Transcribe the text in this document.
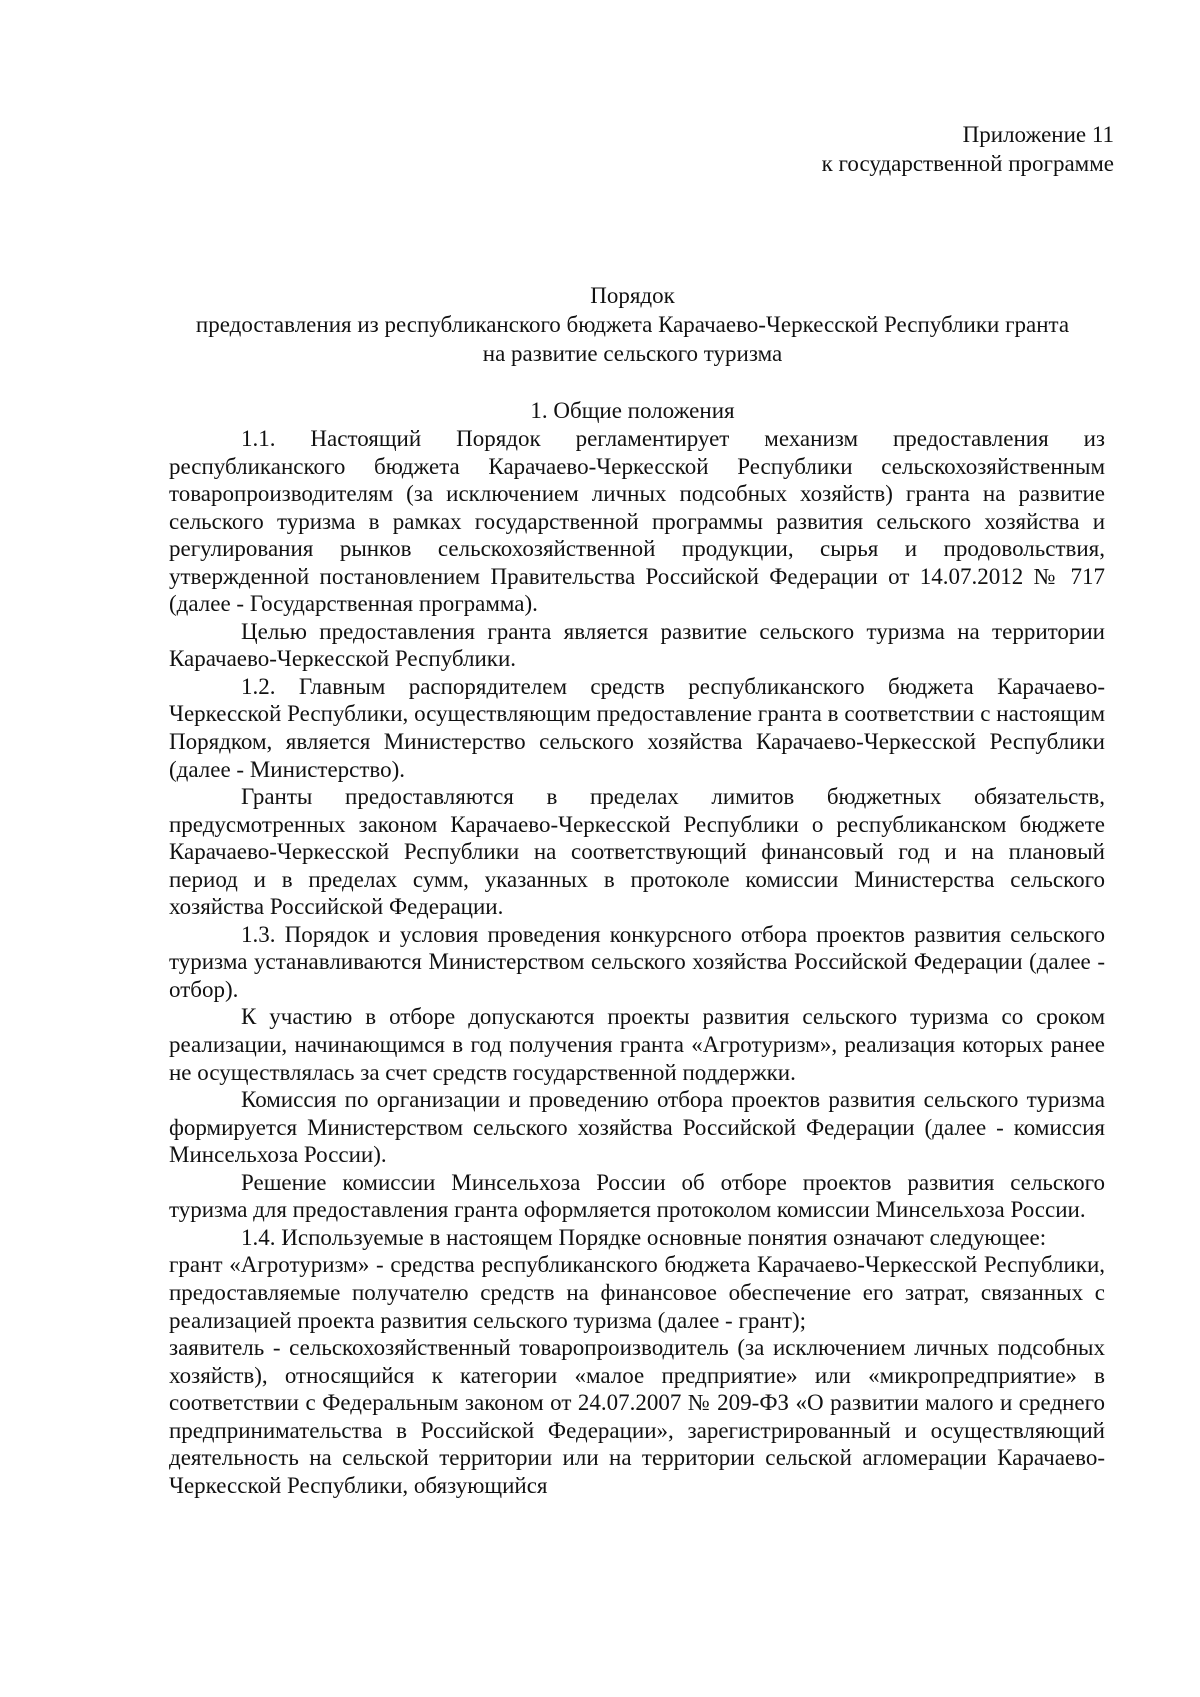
Приложение 11
к государственной программе
Порядок
предоставления из республиканского бюджета Карачаево-Черкесской Республики гранта
на развитие сельского туризма
1. Общие положения

1.1. Настоящий Порядок регламентирует механизм предоставления из республиканского бюджета Карачаево-Черкесской Республики сельскохозяйственным товаропроизводителям (за исключением личных подсобных хозяйств) гранта на развитие сельского туризма в рамках государственной программы развития сельского хозяйства и регулирования рынков сельскохозяйственной продукции, сырья и продовольствия, утвержденной постановлением Правительства Российской Федерации от 14.07.2012 № 717 (далее - Государственная программа).

Целью предоставления гранта является развитие сельского туризма на территории Карачаево-Черкесской Республики.

1.2. Главным распорядителем средств республиканского бюджета Карачаево-Черкесской Республики, осуществляющим предоставление гранта в соответствии с настоящим Порядком, является Министерство сельского хозяйства Карачаево-Черкесской Республики (далее - Министерство).

Гранты предоставляются в пределах лимитов бюджетных обязательств, предусмотренных законом Карачаево-Черкесской Республики о республиканском бюджете Карачаево-Черкесской Республики на соответствующий финансовый год и на плановый период и в пределах сумм, указанных в протоколе комиссии Министерства сельского хозяйства Российской Федерации.

1.3. Порядок и условия проведения конкурсного отбора проектов развития сельского туризма устанавливаются Министерством сельского хозяйства Российской Федерации (далее - отбор).

К участию в отборе допускаются проекты развития сельского туризма со сроком реализации, начинающимся в год получения гранта «Агротуризм», реализация которых ранее не осуществлялась за счет средств государственной поддержки.

Комиссия по организации и проведению отбора проектов развития сельского туризма формируется Министерством сельского хозяйства Российской Федерации (далее - комиссия Минсельхоза России).

Решение комиссии Минсельхоза России об отборе проектов развития сельского туризма для предоставления гранта оформляется протоколом комиссии Минсельхоза России.

1.4. Используемые в настоящем Порядке основные понятия означают следующее:

грант «Агротуризм» - средства республиканского бюджета Карачаево-Черкесской Республики, предоставляемые получателю средств на финансовое обеспечение его затрат, связанных с реализацией проекта развития сельского туризма (далее - грант);

заявитель - сельскохозяйственный товаропроизводитель (за исключением личных подсобных хозяйств), относящийся к категории «малое предприятие» или «микропредприятие» в соответствии с Федеральным законом от 24.07.2007 № 209-ФЗ «О развитии малого и среднего предпринимательства в Российской Федерации», зарегистрированный и осуществляющий деятельность на сельской территории или на территории сельской агломерации Карачаево-Черкесской Республики, обязующийся
